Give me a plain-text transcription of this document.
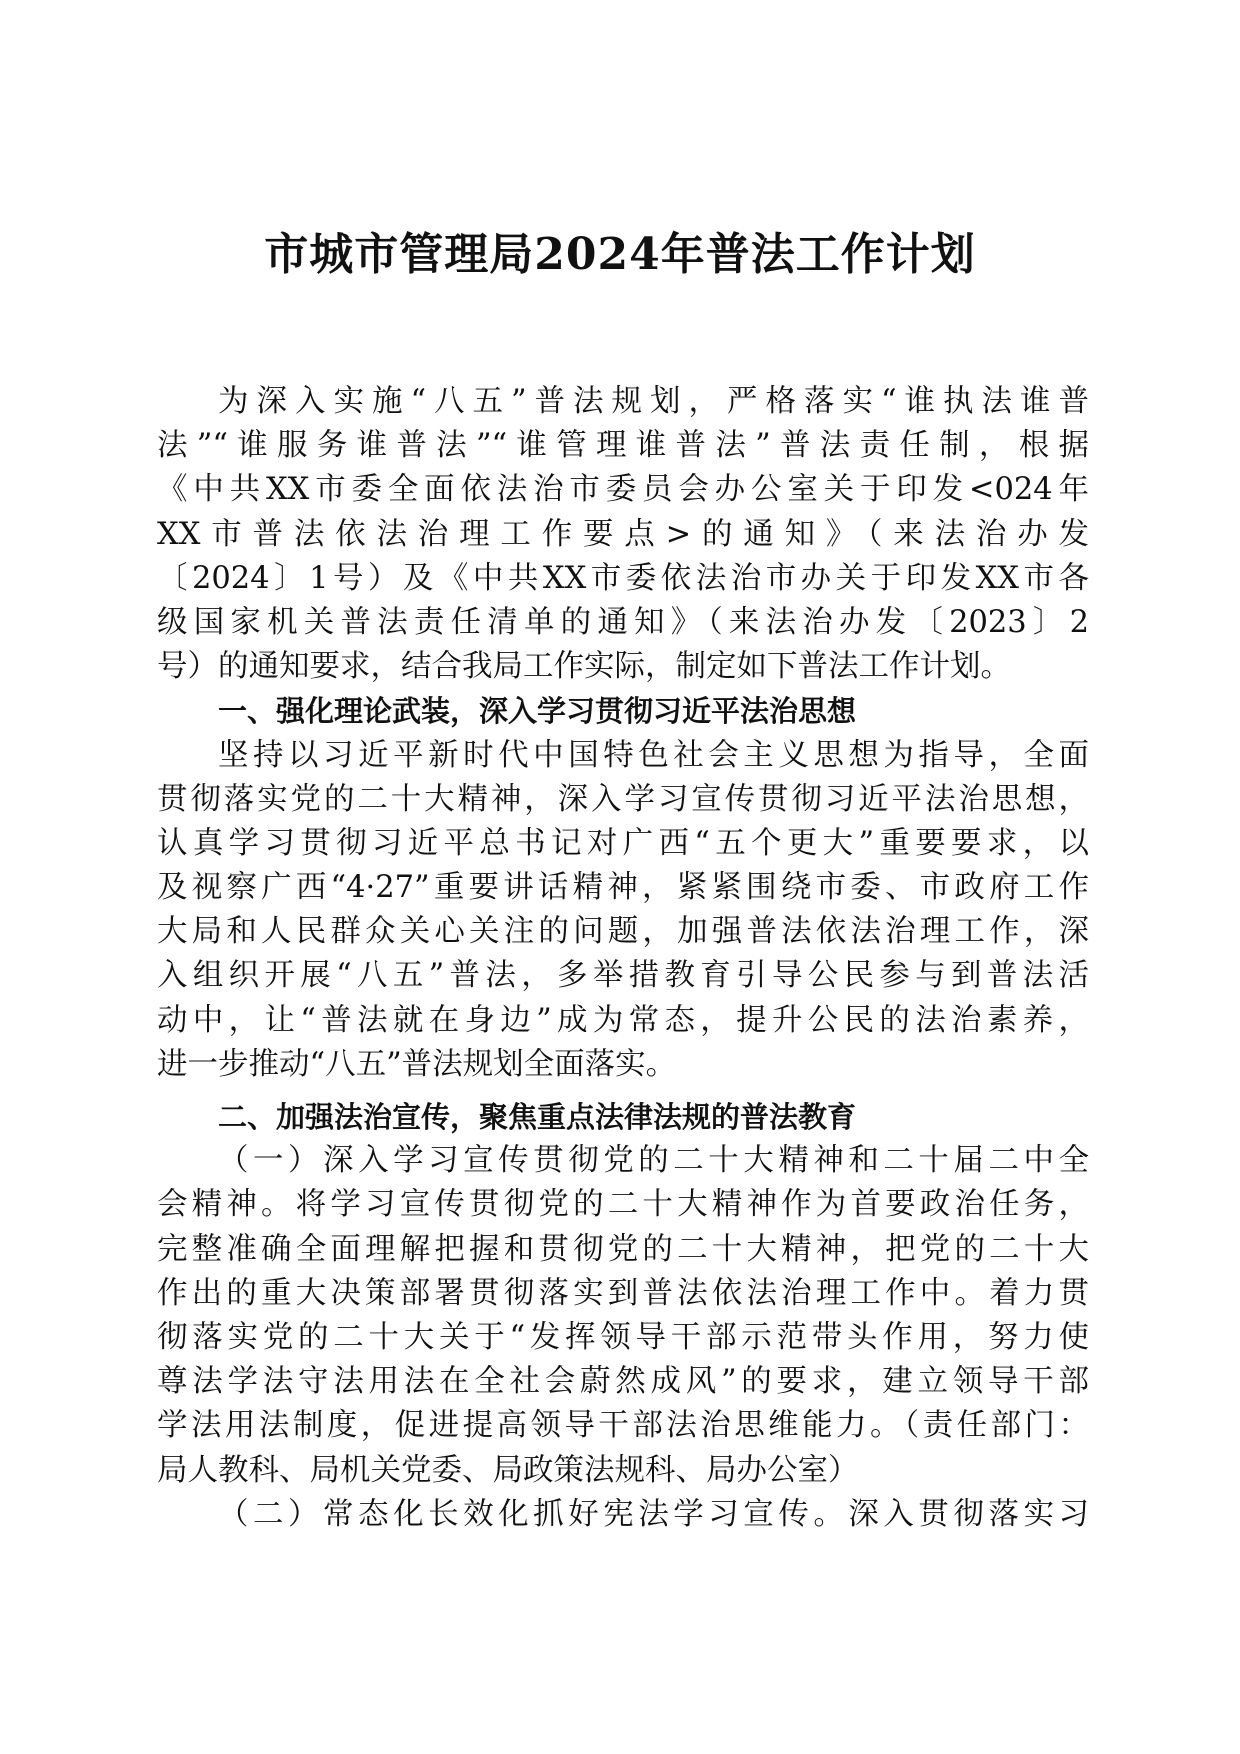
市城市管理局2024年普法工作计划
为深入实施“八五”普法规划，严格落实“谁执法谁普
法”“谁服务谁普法”“谁管理谁普法”普法责任制，根据
《中共XX市委全面依法治市委员会办公室关于印发<024年
XX市普法依法治理工作要点>的通知》（来法治办发
〔2024〕1号）及《中共XX市委依法治市办关于印发XX市各
级国家机关普法责任清单的通知》（来法治办发〔2023〕2
号）的通知要求，结合我局工作实际，制定如下普法工作计划。
一、强化理论武装，深入学习贯彻习近平法治思想
坚持以习近平新时代中国特色社会主义思想为指导，全面
贯彻落实党的二十大精神，深入学习宣传贯彻习近平法治思想，
认真学习贯彻习近平总书记对广西“五个更大”重要要求，以
及视察广西“4·27”重要讲话精神，紧紧围绕市委、市政府工作
大局和人民群众关心关注的问题，加强普法依法治理工作，深
入组织开展“八五”普法，多举措教育引导公民参与到普法活
动中，让“普法就在身边”成为常态，提升公民的法治素养，
进一步推动“八五”普法规划全面落实。
二、加强法治宣传，聚焦重点法律法规的普法教育
（一）深入学习宣传贯彻党的二十大精神和二十届二中全
会精神。将学习宣传贯彻党的二十大精神作为首要政治任务，
完整准确全面理解把握和贯彻党的二十大精神，把党的二十大
作出的重大决策部署贯彻落实到普法依法治理工作中。着力贯
彻落实党的二十大关于“发挥领导干部示范带头作用，努力使
尊法学法守法用法在全社会蔚然成风”的要求，建立领导干部
学法用法制度，促进提高领导干部法治思维能力。（责任部门：
局人教科、局机关党委、局政策法规科、局办公室）
（二）常态化长效化抓好宪法学习宣传。深入贯彻落实习
